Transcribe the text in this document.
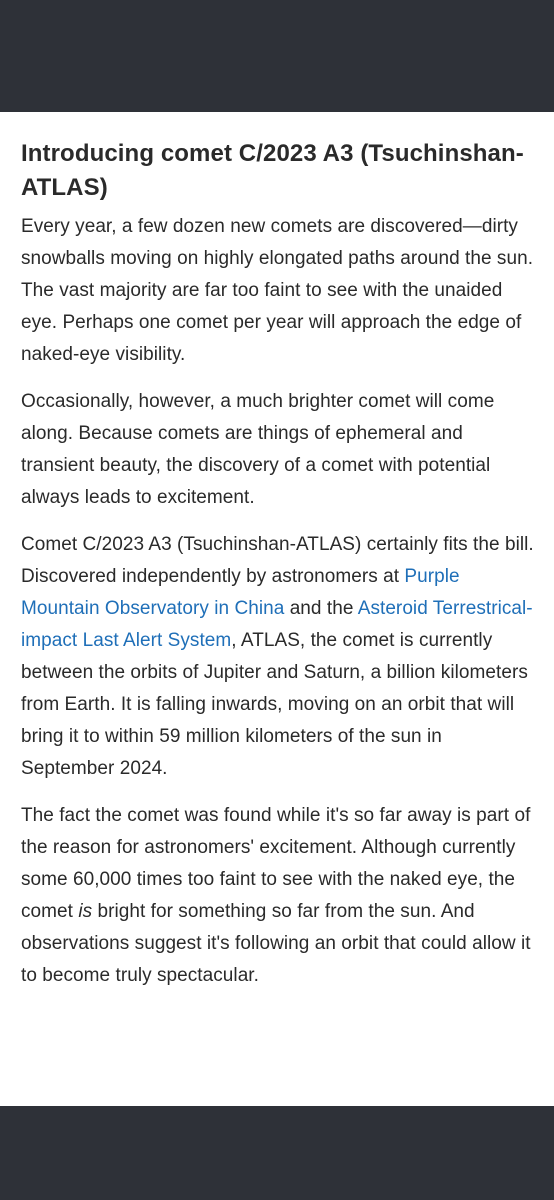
Introducing comet C/2023 A3 (Tsuchinshan-ATLAS)

Every year, a few dozen new comets are discovered—dirty snowballs moving on highly elongated paths around the sun. The vast majority are far too faint to see with the unaided eye. Perhaps one comet per year will approach the edge of naked-eye visibility.

Occasionally, however, a much brighter comet will come along. Because comets are things of ephemeral and transient beauty, the discovery of a comet with potential always leads to excitement.

Comet C/2023 A3 (Tsuchinshan-ATLAS) certainly fits the bill. Discovered independently by astronomers at Purple Mountain Observatory in China and the Asteroid Terrestrical-impact Last Alert System, ATLAS, the comet is currently between the orbits of Jupiter and Saturn, a billion kilometers from Earth. It is falling inwards, moving on an orbit that will bring it to within 59 million kilometers of the sun in September 2024.

The fact the comet was found while it's so far away is part of the reason for astronomers' excitement. Although currently some 60,000 times too faint to see with the naked eye, the comet is bright for something so far from the sun. And observations suggest it's following an orbit that could allow it to become truly spectacular.
